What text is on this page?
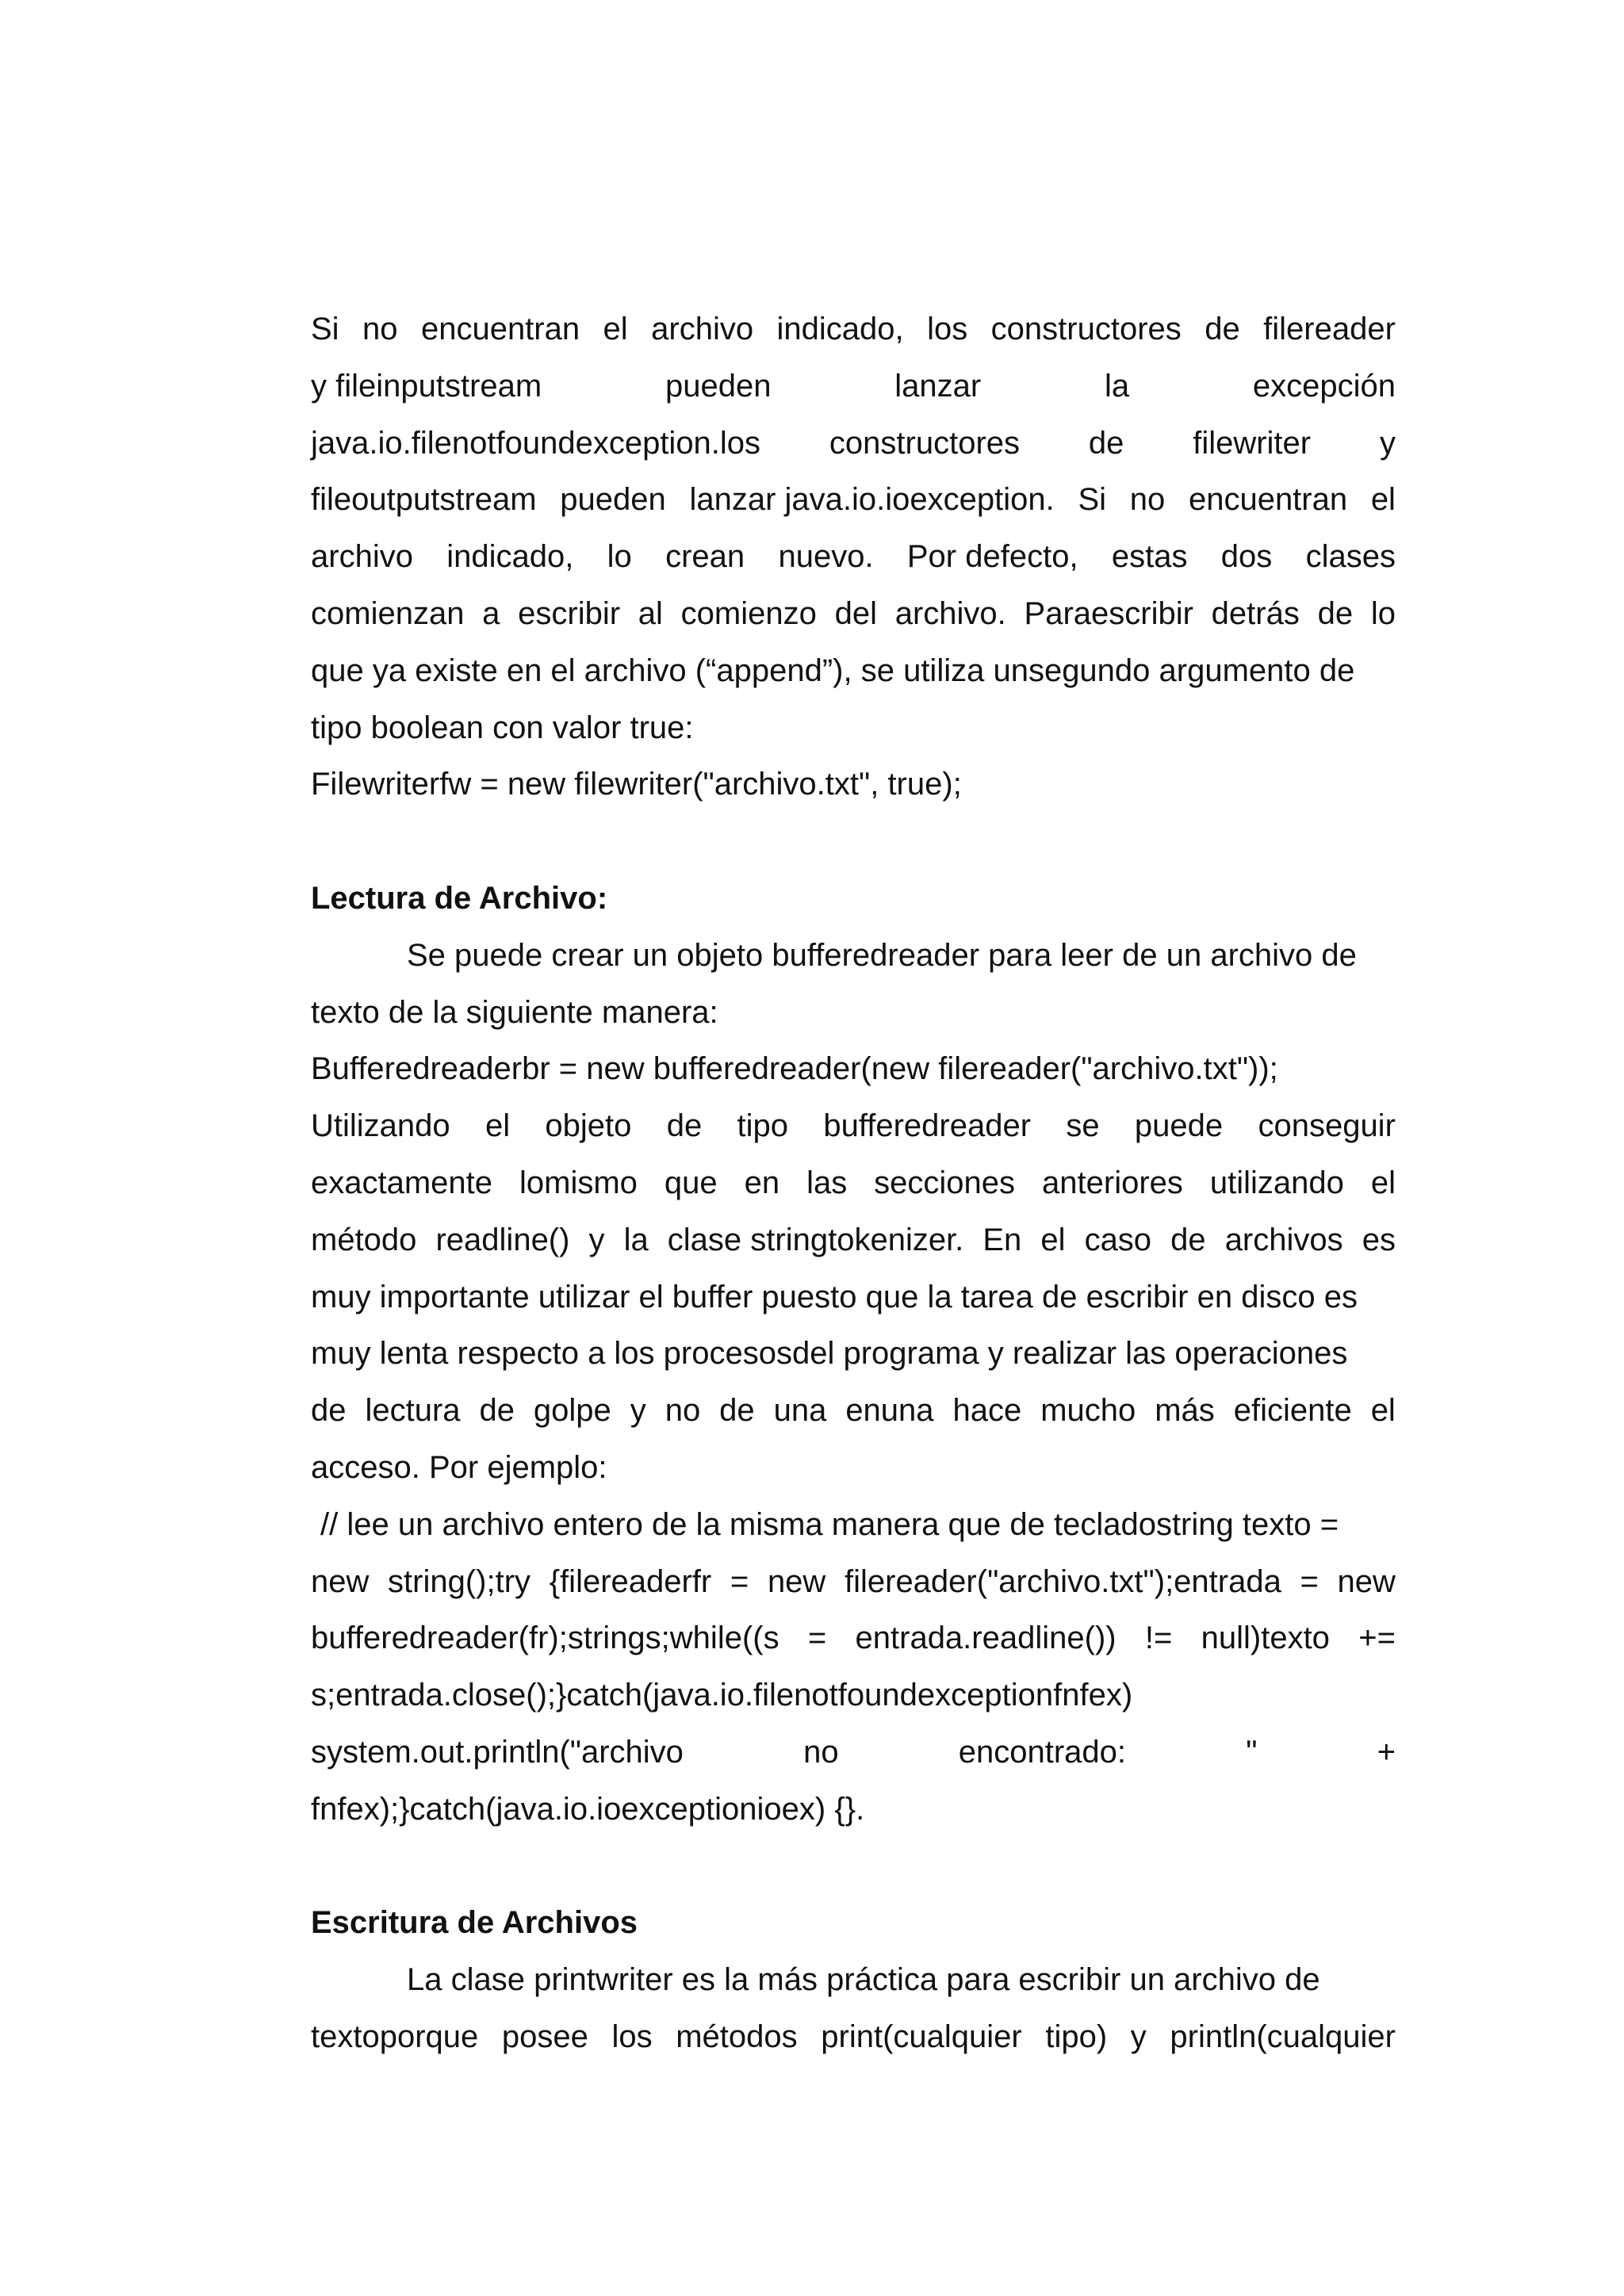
Si no encuentran el archivo indicado, los constructores de filereader
y fileinputstream	pueden	lanzar	la	excepción
java.io.filenotfoundexception.los constructores de filewriter y
fileoutputstream pueden lanzar java.io.ioexception. Si no encuentran el
archivo indicado, lo crean nuevo. Por defecto, estas dos clases
comienzan a escribir al comienzo del archivo. Paraescribir detrás de lo
que ya existe en el archivo (“append”), se utiliza unsegundo argumento de
tipo boolean con valor true:
Filewriterfw = new filewriter("archivo.txt", true);
Lectura de Archivo:
Se puede crear un objeto bufferedreader para leer de un archivo de
texto de la siguiente manera:
Bufferedreaderbr = new bufferedreader(new filereader("archivo.txt"));
Utilizando el objeto de tipo bufferedreader se puede conseguir
exactamente lomismo que en las secciones anteriores utilizando el
método readline() y la clase stringtokenizer. En el caso de archivos es
muy importante utilizar el buffer puesto que la tarea de escribir en disco es
muy lenta respecto a los procesosdel programa y realizar las operaciones
de lectura de golpe y no de una enuna hace mucho más eficiente el
acceso. Por ejemplo:
// lee un archivo entero de la misma manera que de tecladostring texto =
new string();try {filereaderfr = new filereader("archivo.txt");entrada = new
bufferedreader(fr);strings;while((s = entrada.readline()) != null)texto +=
s;entrada.close();}catch(java.io.filenotfoundexceptionfnfex)
system.out.println("archivo	no	encontrado:	"	+
fnfex);}catch(java.io.ioexceptionioex) {}.
Escritura de Archivos
La clase printwriter es la más práctica para escribir un archivo de
textoporque posee los métodos print(cualquier tipo) y println(cualquier
